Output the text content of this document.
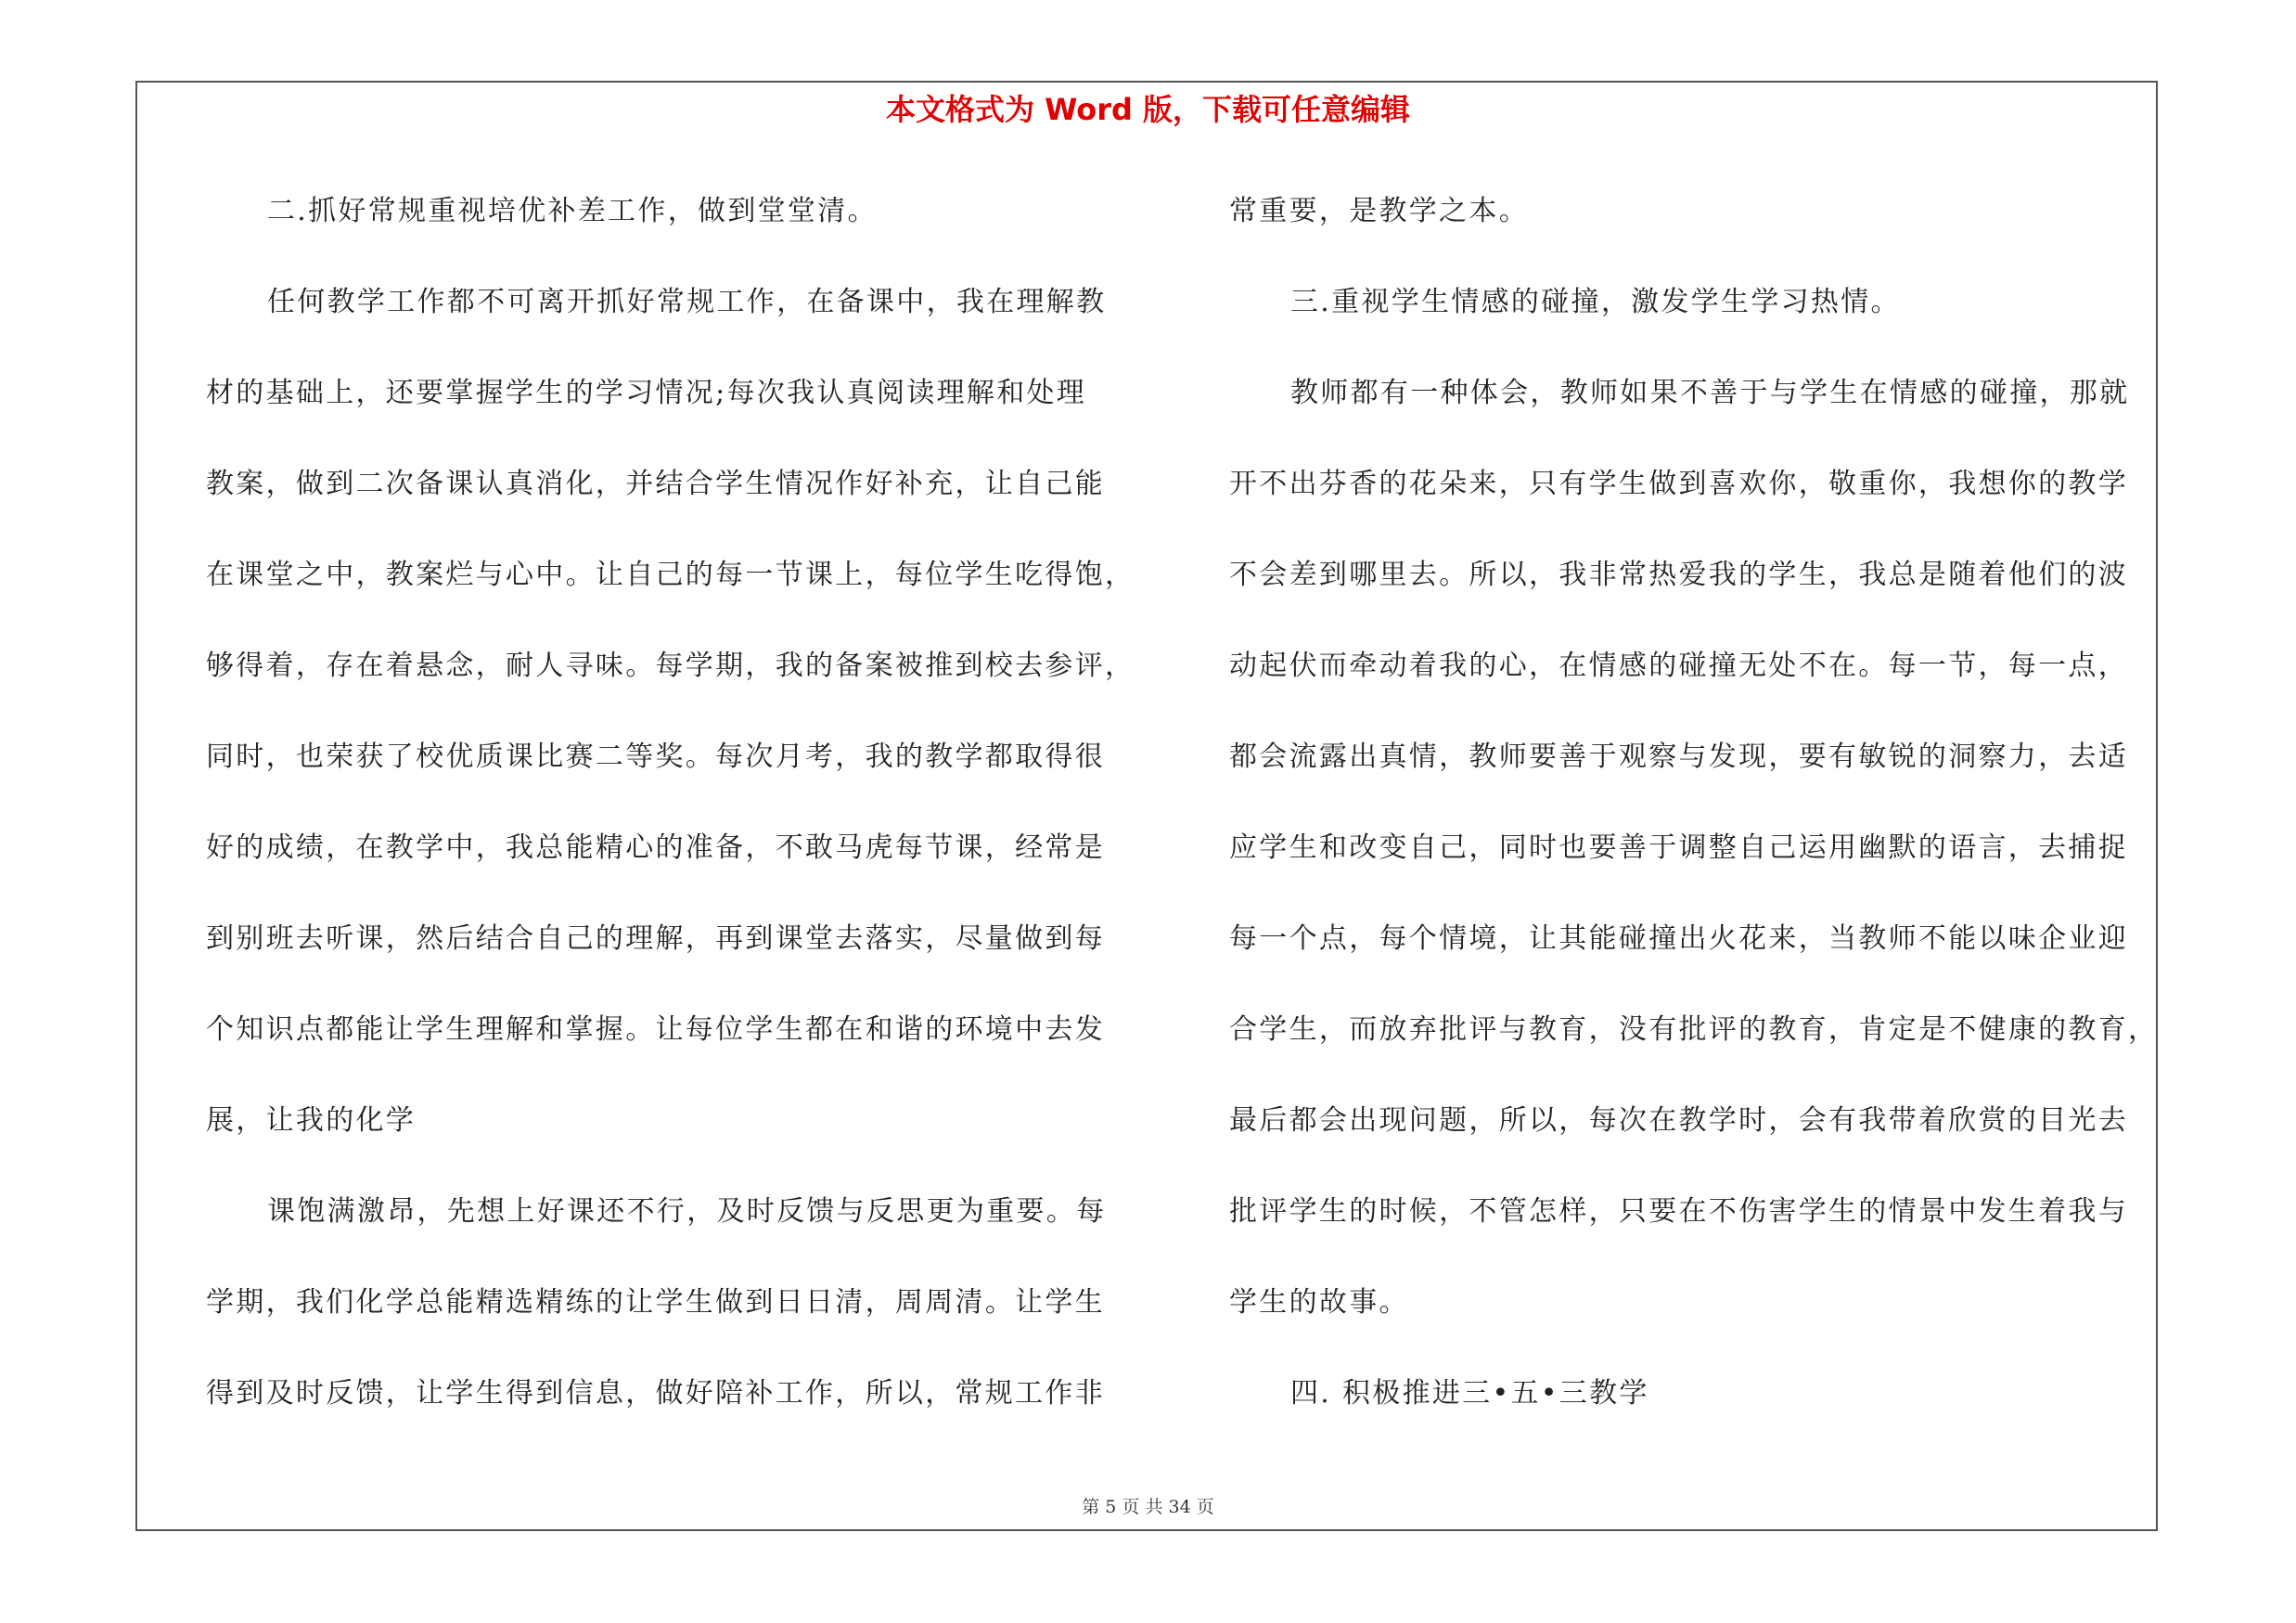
本文格式为 Word 版，下载可任意编辑
二.抓好常规重视培优补差工作，做到堂堂清。
任何教学工作都不可离开抓好常规工作，在备课中，我在理解教
材的基础上，还要掌握学生的学习情况;每次我认真阅读理解和处理
教案，做到二次备课认真消化，并结合学生情况作好补充，让自己能
在课堂之中，教案烂与心中。让自己的每一节课上，每位学生吃得饱，
够得着，存在着悬念，耐人寻味。每学期，我的备案被推到校去参评，
同时，也荣获了校优质课比赛二等奖。每次月考，我的教学都取得很
好的成绩，在教学中，我总能精心的准备，不敢马虎每节课，经常是
到别班去听课，然后结合自己的理解，再到课堂去落实，尽量做到每
个知识点都能让学生理解和掌握。让每位学生都在和谐的环境中去发
展，让我的化学
课饱满激昂，先想上好课还不行，及时反馈与反思更为重要。每
学期，我们化学总能精选精练的让学生做到日日清，周周清。让学生
得到及时反馈，让学生得到信息，做好陪补工作，所以，常规工作非
常重要，是教学之本。
三.重视学生情感的碰撞，激发学生学习热情。
教师都有一种体会，教师如果不善于与学生在情感的碰撞，那就
开不出芬香的花朵来，只有学生做到喜欢你，敬重你，我想你的教学
不会差到哪里去。所以，我非常热爱我的学生，我总是随着他们的波
动起伏而牵动着我的心，在情感的碰撞无处不在。每一节，每一点，
都会流露出真情，教师要善于观察与发现，要有敏锐的洞察力，去适
应学生和改变自己，同时也要善于调整自己运用幽默的语言，去捕捉
每一个点，每个情境，让其能碰撞出火花来，当教师不能以味企业迎
合学生，而放弃批评与教育，没有批评的教育，肯定是不健康的教育，
最后都会出现问题，所以，每次在教学时，会有我带着欣赏的目光去
批评学生的时候，不管怎样，只要在不伤害学生的情景中发生着我与
学生的故事。
四. 积极推进三•五•三教学
第 5 页 共 34 页
